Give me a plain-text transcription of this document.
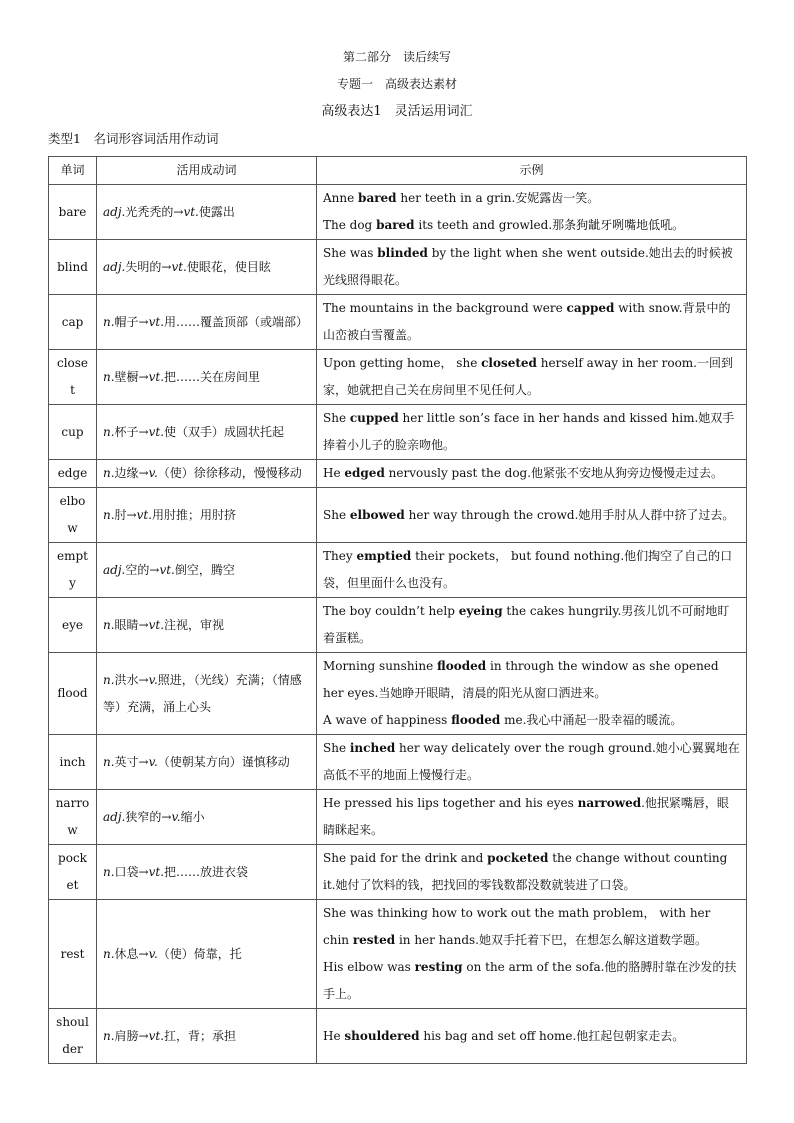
第二部分　读后续写
专题一　高级表达素材
高级表达1　灵活运用词汇
类型1　名词形容词活用作动词
单词	活用成动词	示例
bare	adj.光秃秃的→vt.使露出	Anne bared her teeth in a grin.安妮露齿一笑。
The dog bared its teeth and growled.那条狗龇牙咧嘴地低吼。

blind	adj.失明的→vt.使眼花，使目眩	She was blinded by the light when she went outside.她出去的时候被光线照得眼花。

cap	n.帽子→vt.用……覆盖顶部（或端部）	The mountains in the background were capped with snow.背景中的山峦被白雪覆盖。

closet	n.壁橱→vt.把……关在房间里	Upon getting home， she closeted herself away in her room.一回到家，她就把自己关在房间里不见任何人。

cup	n.杯子→vt.使（双手）成圆状托起	She cupped her little son’s face in her hands and kissed him.她双手捧着小儿子的脸亲吻他。

edge	n.边缘→v.（使）徐徐移动，慢慢移动	He edged nervously past the dog.他紧张不安地从狗旁边慢慢走过去。

elbow	n.肘→vt.用肘推；用肘挤	She elbowed her way through the crowd.她用手肘从人群中挤了过去。

empty	adj.空的→vt.倒空，腾空	They emptied their pockets， but found nothing.他们掏空了自己的口袋，但里面什么也没有。

eye	n.眼睛→vt.注视，审视	The boy couldn’t help eyeing the cakes hungrily.男孩儿饥不可耐地盯着蛋糕。

flood	n.洪水→v.照进，（光线）充满；（情感等）充满，涌上心头	Morning sunshine flooded in through the window as she opened her eyes.当她睁开眼睛，清晨的阳光从窗口洒进来。
A wave of happiness flooded me.我心中涌起一股幸福的暖流。

inch	n.英寸→v.（使朝某方向）谨慎移动	She inched her way delicately over the rough ground.她小心翼翼地在高低不平的地面上慢慢行走。

narrow	adj.狭窄的→v.缩小	He pressed his lips together and his eyes narrowed.他抿紧嘴唇，眼睛眯起来。

pocket	n.口袋→vt.把……放进衣袋	She paid for the drink and pocketed the change without counting it.她付了饮料的钱，把找回的零钱数都没数就装进了口袋。

rest	n.休息→v.（使）倚靠，托	She was thinking how to work out the math problem， with her chin rested in her hands.她双手托着下巴，在想怎么解这道数学题。
His elbow was resting on the arm of the sofa.他的胳膊肘靠在沙发的扶手上。

shoulder	n.肩膀→vt.扛，背；承担	He shouldered his bag and set off home.他扛起包朝家走去。
